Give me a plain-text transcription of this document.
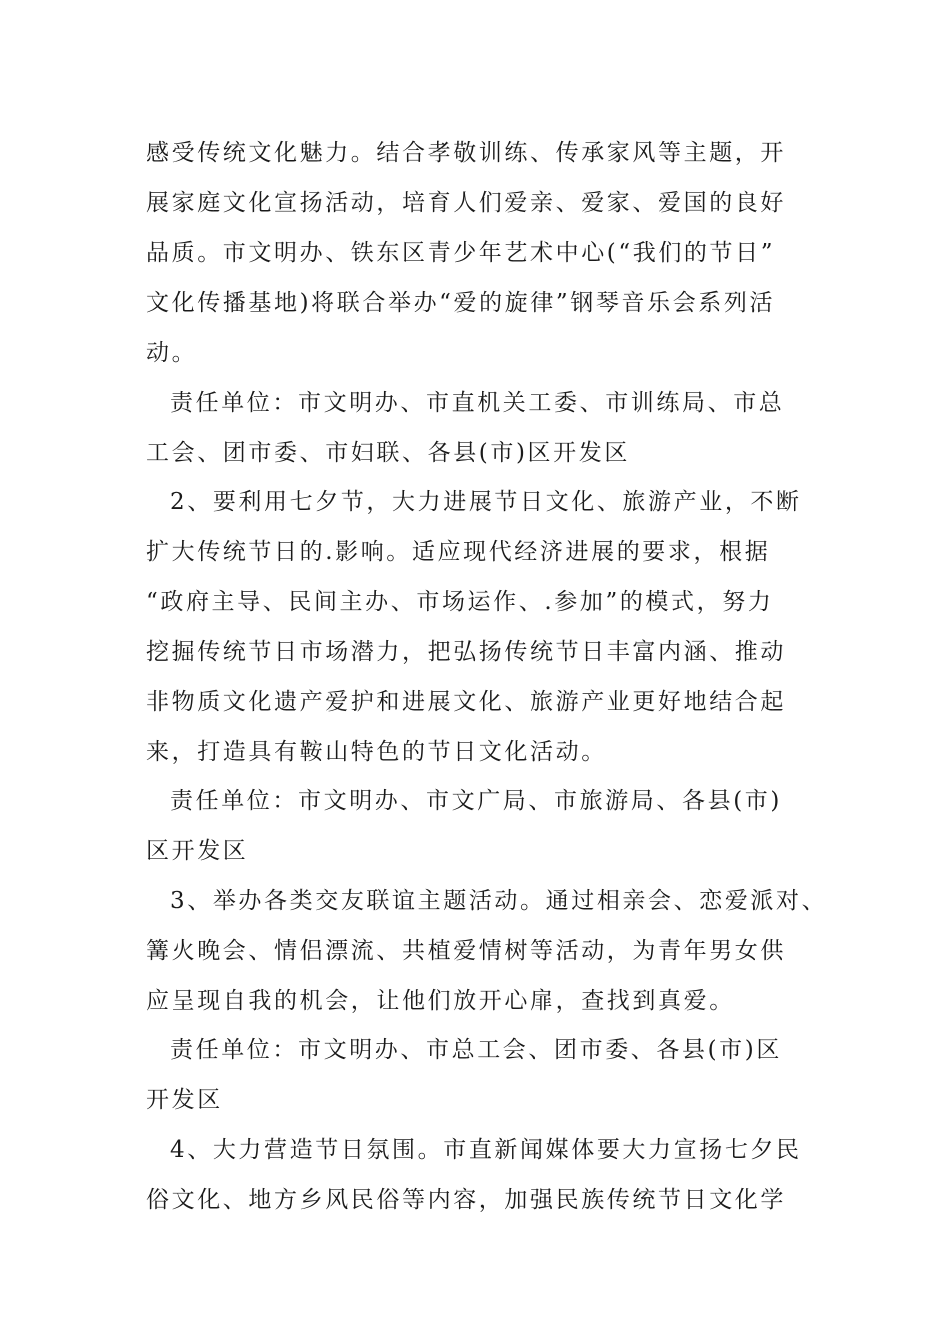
感受传统文化魅力。结合孝敬训练、传承家风等主题，开
展家庭文化宣扬活动，培育人们爱亲、爱家、爱国的良好
品质。市文明办、铁东区青少年艺术中心(“我们的节日”
文化传播基地)将联合举办“爱的旋律”钢琴音乐会系列活
动。
责任单位：市文明办、市直机关工委、市训练局、市总
工会、团市委、市妇联、各县(市)区开发区
2、要利用七夕节，大力进展节日文化、旅游产业，不断
扩大传统节日的.影响。适应现代经济进展的要求，根据
“政府主导、民间主办、市场运作、.参加”的模式，努力
挖掘传统节日市场潜力，把弘扬传统节日丰富内涵、推动
非物质文化遗产爱护和进展文化、旅游产业更好地结合起
来，打造具有鞍山特色的节日文化活动。
责任单位：市文明办、市文广局、市旅游局、各县(市)
区开发区
3、举办各类交友联谊主题活动。通过相亲会、恋爱派对、
篝火晚会、情侣漂流、共植爱情树等活动，为青年男女供
应呈现自我的机会，让他们放开心扉，查找到真爱。
责任单位：市文明办、市总工会、团市委、各县(市)区
开发区
4、大力营造节日氛围。市直新闻媒体要大力宣扬七夕民
俗文化、地方乡风民俗等内容，加强民族传统节日文化学
